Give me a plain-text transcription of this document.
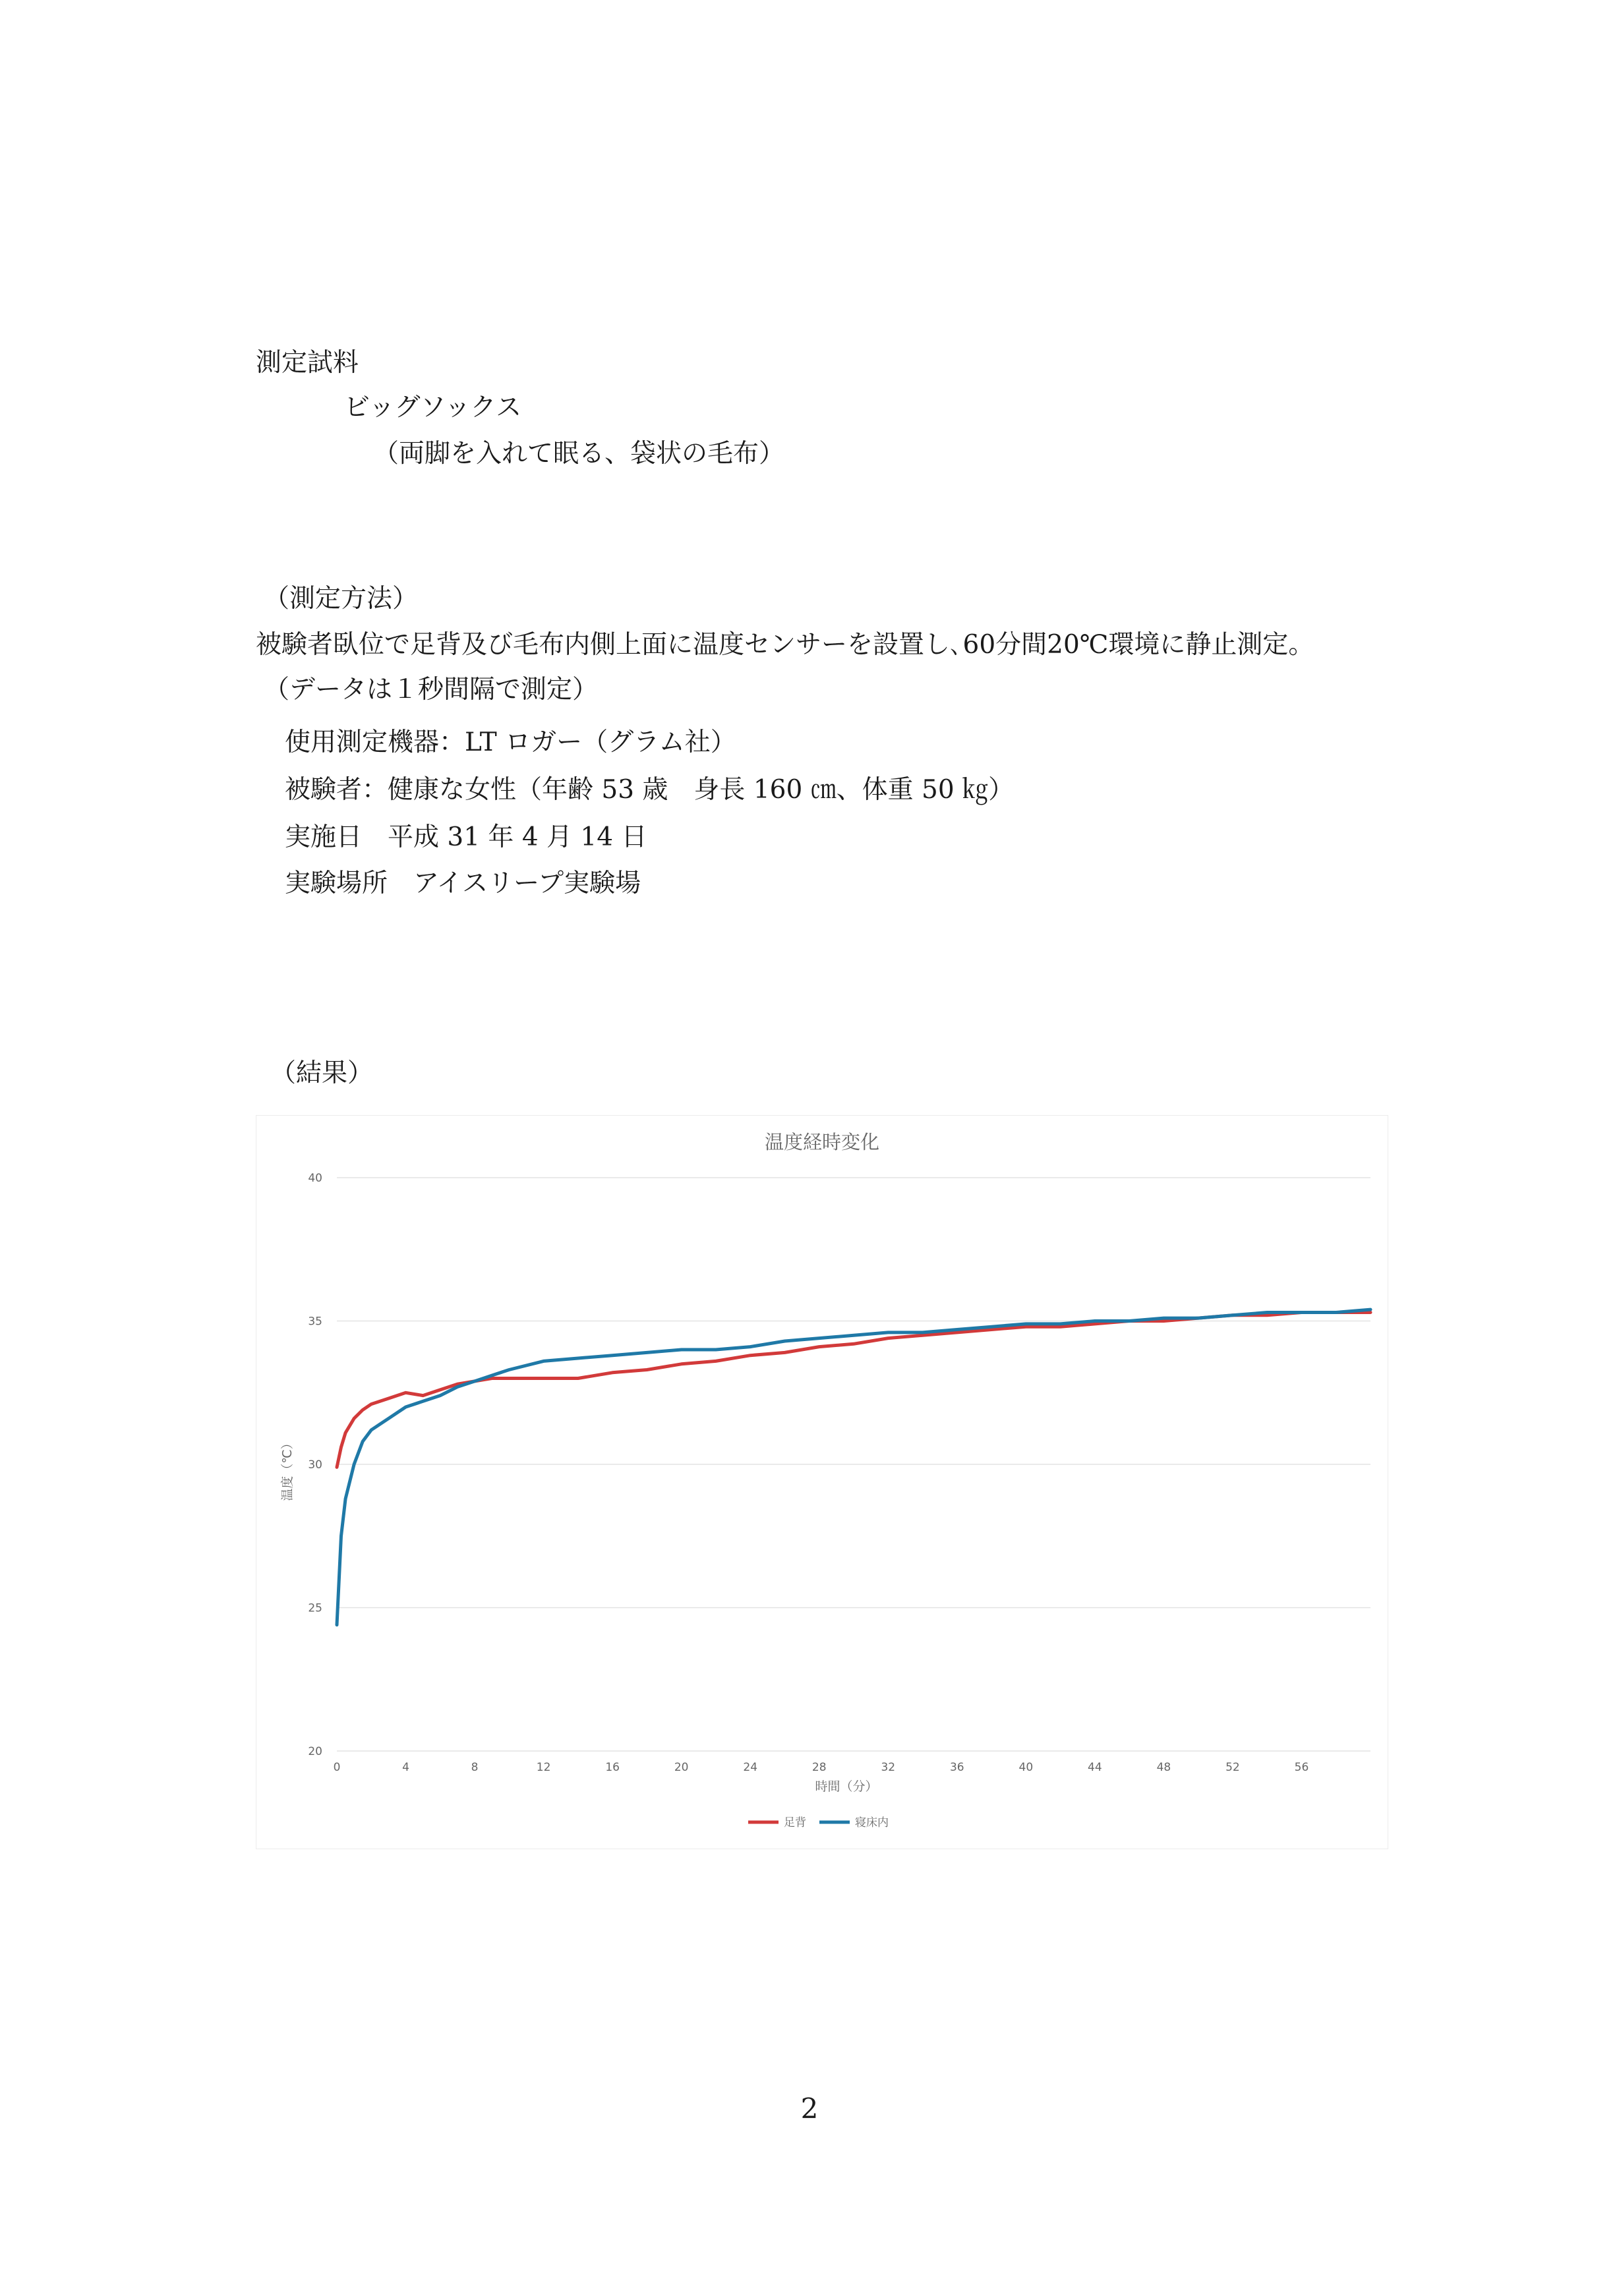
測定試料
ビッグソックス
（両脚を入れて眠る、袋状の毛布）
（測定方法）
被験者臥位で足背及び毛布内側上面に温度センサーを設置し､60分間20℃環境に静止測定。
（データは１秒間隔で測定）
使用測定機器：LT ロガー（グラム社）
被験者：健康な女性（年齢 53 歳　身長 160 ㎝、体重 50 ㎏）
実施日　平成 31 年 4 月 14 日
実験場所　アイスリープ実験場
（結果）
温度経時変化
20
25
30
35
40
0	4	8	12	16	20	24	28	32	36	40	44	48	52	56
時間（分）
温度（℃）
足背	寝床内
2
